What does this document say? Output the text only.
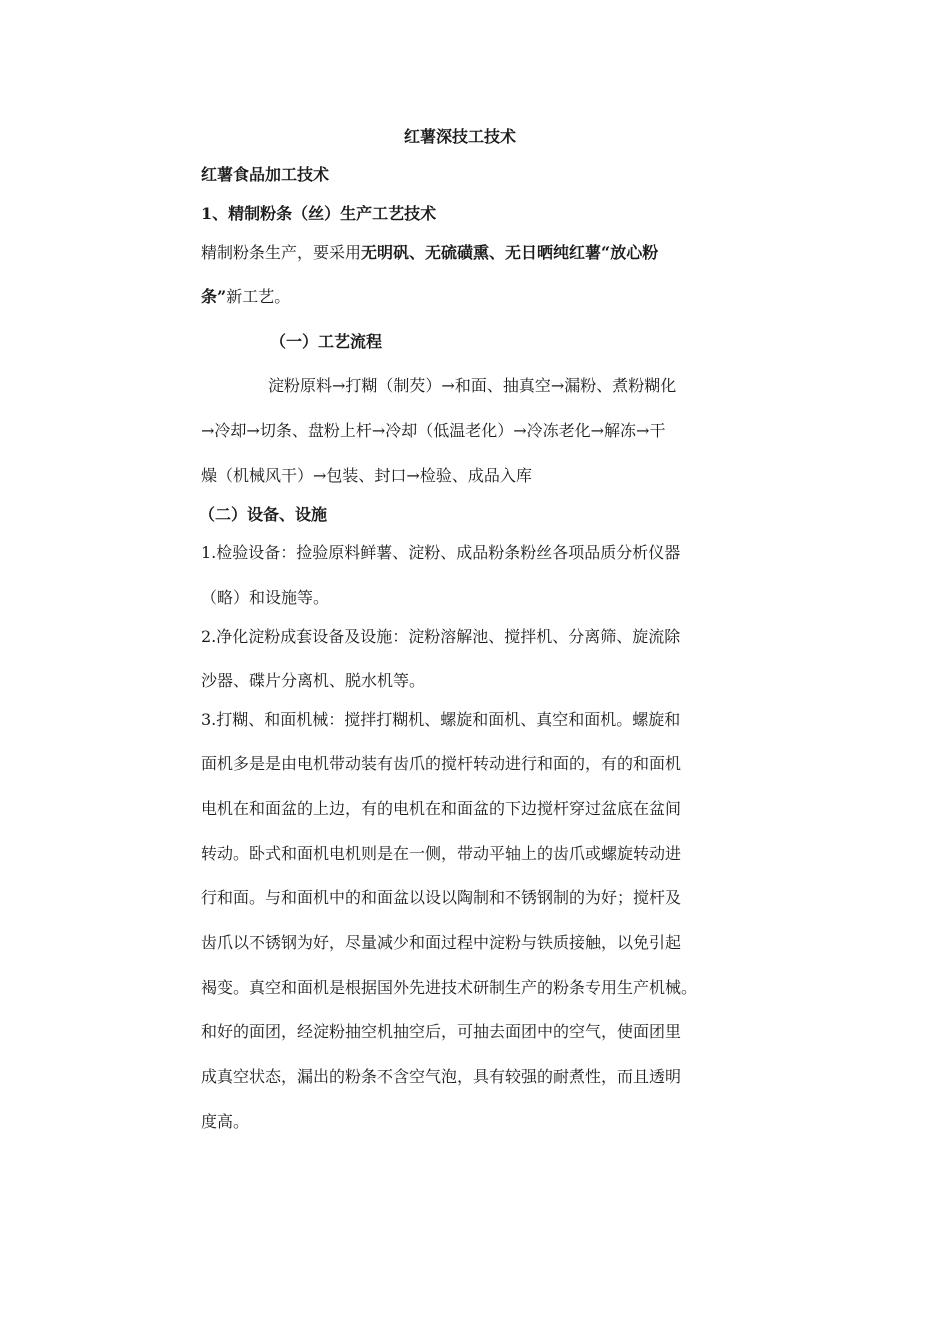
红薯深技工技术

红薯食品加工技术

1、精制粉条（丝）生产工艺技术

精制粉条生产，要采用无明矾、无硫磺熏、无日晒纯红薯“放心粉

条”新工艺。

（一）工艺流程

淀粉原料→打糊（制芡）→和面、抽真空→漏粉、煮粉糊化

→冷却→切条、盘粉上杆→冷却（低温老化）→冷冻老化→解冻→干

燥（机械风干）→包装、封口→检验、成品入库

（二）设备、设施

1.检验设备：捡验原料鲜薯、淀粉、成品粉条粉丝各项品质分析仪器

（略）和设施等。

2.净化淀粉成套设备及设施：淀粉溶解池、搅拌机、分离筛、旋流除

沙器、碟片分离机、脱水机等。

3.打糊、和面机械：搅拌打糊机、螺旋和面机、真空和面机。螺旋和

面机多是是由电机带动装有齿爪的搅杆转动进行和面的，有的和面机

电机在和面盆的上边，有的电机在和面盆的下边搅杆穿过盆底在盆间

转动。卧式和面机电机则是在一侧，带动平轴上的齿爪或螺旋转动进

行和面。与和面机中的和面盆以设以陶制和不锈钢制的为好；搅杆及

齿爪以不锈钢为好，尽量减少和面过程中淀粉与铁质接触，以免引起

褐变。真空和面机是根据国外先进技术研制生产的粉条专用生产机械。

和好的面团，经淀粉抽空机抽空后，可抽去面团中的空气，使面团里

成真空状态，漏出的粉条不含空气泡，具有较强的耐煮性，而且透明

度高。
